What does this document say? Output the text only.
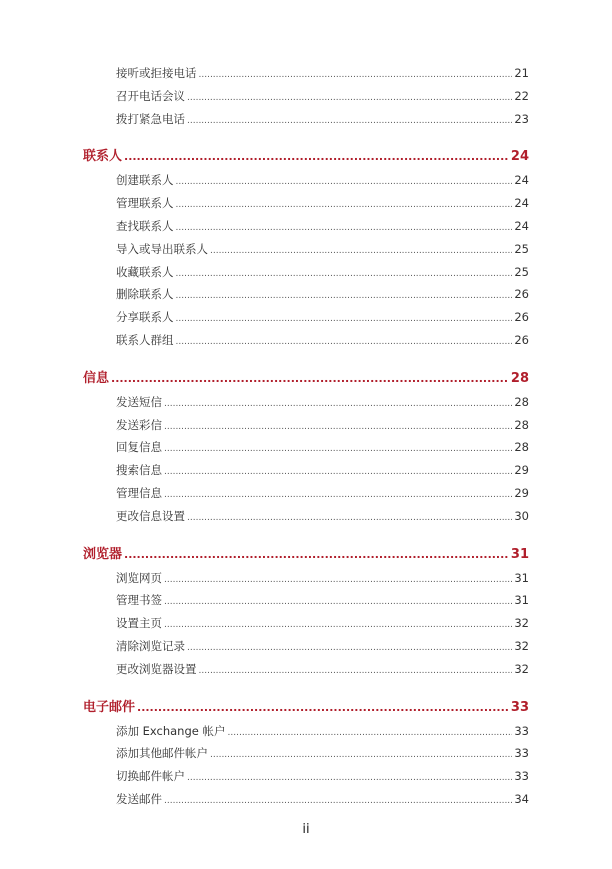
接听或拒接电话 .....	21
召开电话会议 .....	22
拨打紧急电话 .....	23
联系人 .....	24
创建联系人 .....	24
管理联系人 .....	24
查找联系人 .....	24
导入或导出联系人 .....	25
收藏联系人 .....	25
删除联系人 .....	26
分享联系人 .....	26
联系人群组 .....	26
信息 .....	28
发送短信 .....	28
发送彩信 .....	28
回复信息 .....	28
搜索信息 .....	29
管理信息 .....	29
更改信息设置 .....	30
浏览器 .....	31
浏览网页 .....	31
管理书签 .....	31
设置主页 .....	32
清除浏览记录 .....	32
更改浏览器设置 .....	32
电子邮件 .....	33
添加 Exchange 帐户 .....	33
添加其他邮件帐户 .....	33
切换邮件帐户 .....	33
发送邮件 .....	34
ii
